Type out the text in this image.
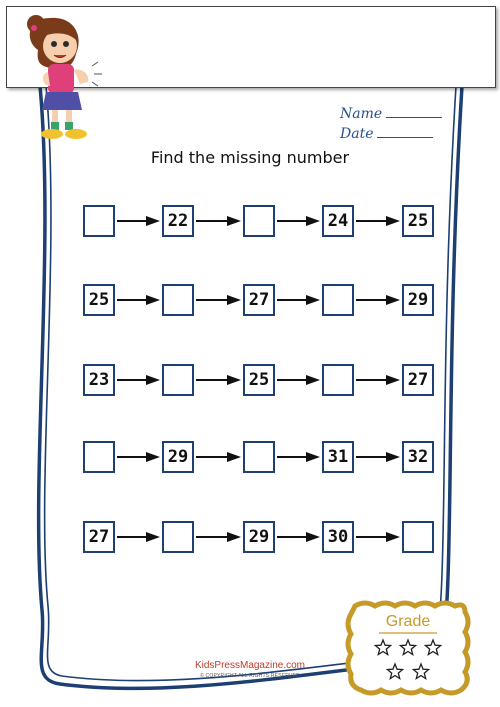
Name
Date
Find the missing number
22	24	25
25	27	29
23	25	27
29	31	32
27	29	30
Grade
KidsPressMagazine.com
© COPYRIGHT ALL RIGHTS RESERVED
